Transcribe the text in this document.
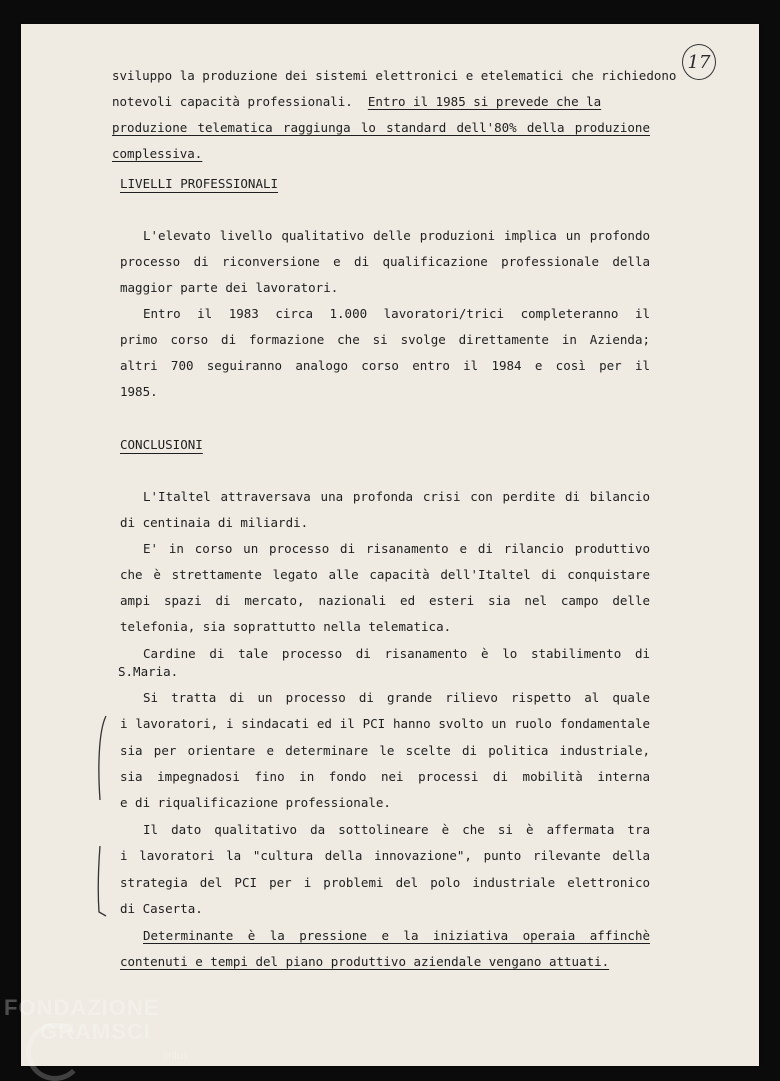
17
sviluppo la produzione dei sistemi elettronici e etelematici che richiedono
notevoli capacità professionali. Entro il 1985 si prevede che la
produzione telematica raggiunga lo standard dell'80% della produzione
complessiva.
LIVELLI PROFESSIONALI
L'elevato livello qualitativo delle produzioni implica un profondo
processo di riconversione e di qualificazione professionale della
maggior parte dei lavoratori.
Entro il 1983 circa 1.000 lavoratori/trici completeranno il
primo corso di formazione che si svolge direttamente in Azienda;
altri 700 seguiranno analogo corso entro il 1984 e così per il
1985.
CONCLUSIONI
L'Italtel attraversava una profonda crisi con perdite di bilancio
di centinaia di miliardi.
E' in corso un processo di risanamento e di rilancio produttivo
che è strettamente legato alle capacità dell'Italtel di conquistare
ampi spazi di mercato, nazionali ed esteri sia nel campo delle
telefonia, sia soprattutto nella telematica.
Cardine di tale processo di risanamento è lo stabilimento di
S.Maria.
Si tratta di un processo di grande rilievo rispetto al quale
i lavoratori, i sindacati ed il PCI hanno svolto un ruolo fondamentale
sia per orientare e determinare le scelte di politica industriale,
sia impegnadosi fino in fondo nei processi di mobilità interna
e di riqualificazione professionale.
Il dato qualitativo da sottolineare è che si è affermata tra
i lavoratori la "cultura della innovazione", punto rilevante della
strategia del PCI per i problemi del polo industriale elettronico
di Caserta.
Determinante è la pressione e la iniziativa operaia affinchè
contenuti e tempi del piano produttivo aziendale vengano attuati.
FONDAZIONE
GRAMSCI
onlus
